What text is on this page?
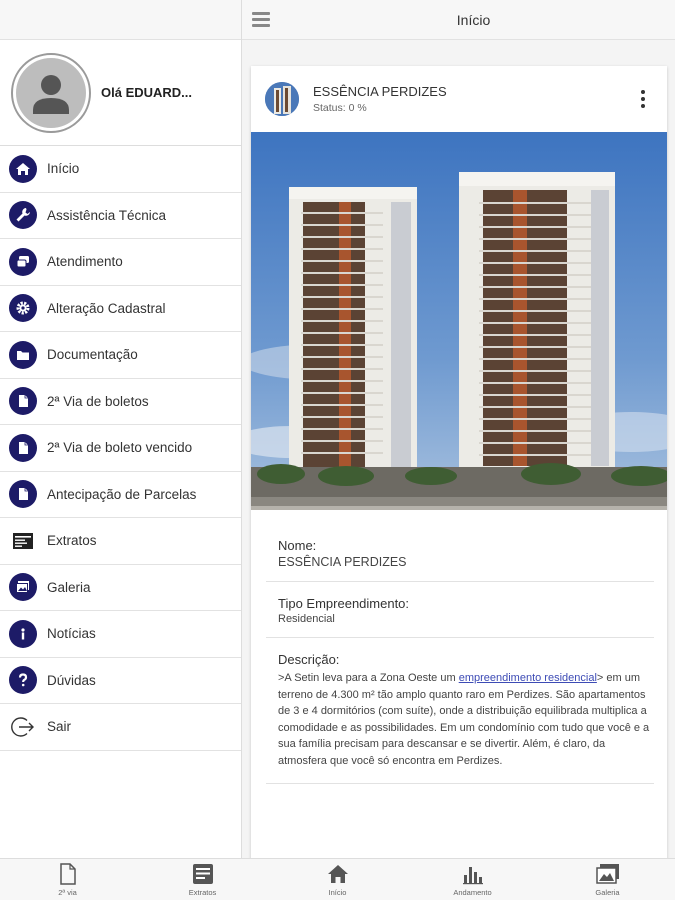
Olá EDUARD...
Início
Assistência Técnica
Atendimento
Alteração Cadastral
Documentação
2ª Via de boletos
2ª Via de boleto vencido
Antecipação de Parcelas
Extratos
Galeria
Notícias
Dúvidas
Sair
Início
ESSÊNCIA PERDIZES
Status: 0 %
Nome:
ESSÊNCIA PERDIZES
Tipo Empreendimento:
Residencial
Descrição:
>A Setin leva para a Zona Oeste um empreendimento residencial> em um terreno de 4.300 m² tão amplo quanto raro em Perdizes. São apartamentos de 3 e 4 dormitórios (com suíte), onde a distribuição equilibrada multiplica a comodidade e as possibilidades. Em um condomínio com tudo que você e a sua família precisam para descansar e se divertir. Além, é claro, da atmosfera que você só encontra em Perdizes.
2ª via	Extratos	Início	Andamento	Galeria
